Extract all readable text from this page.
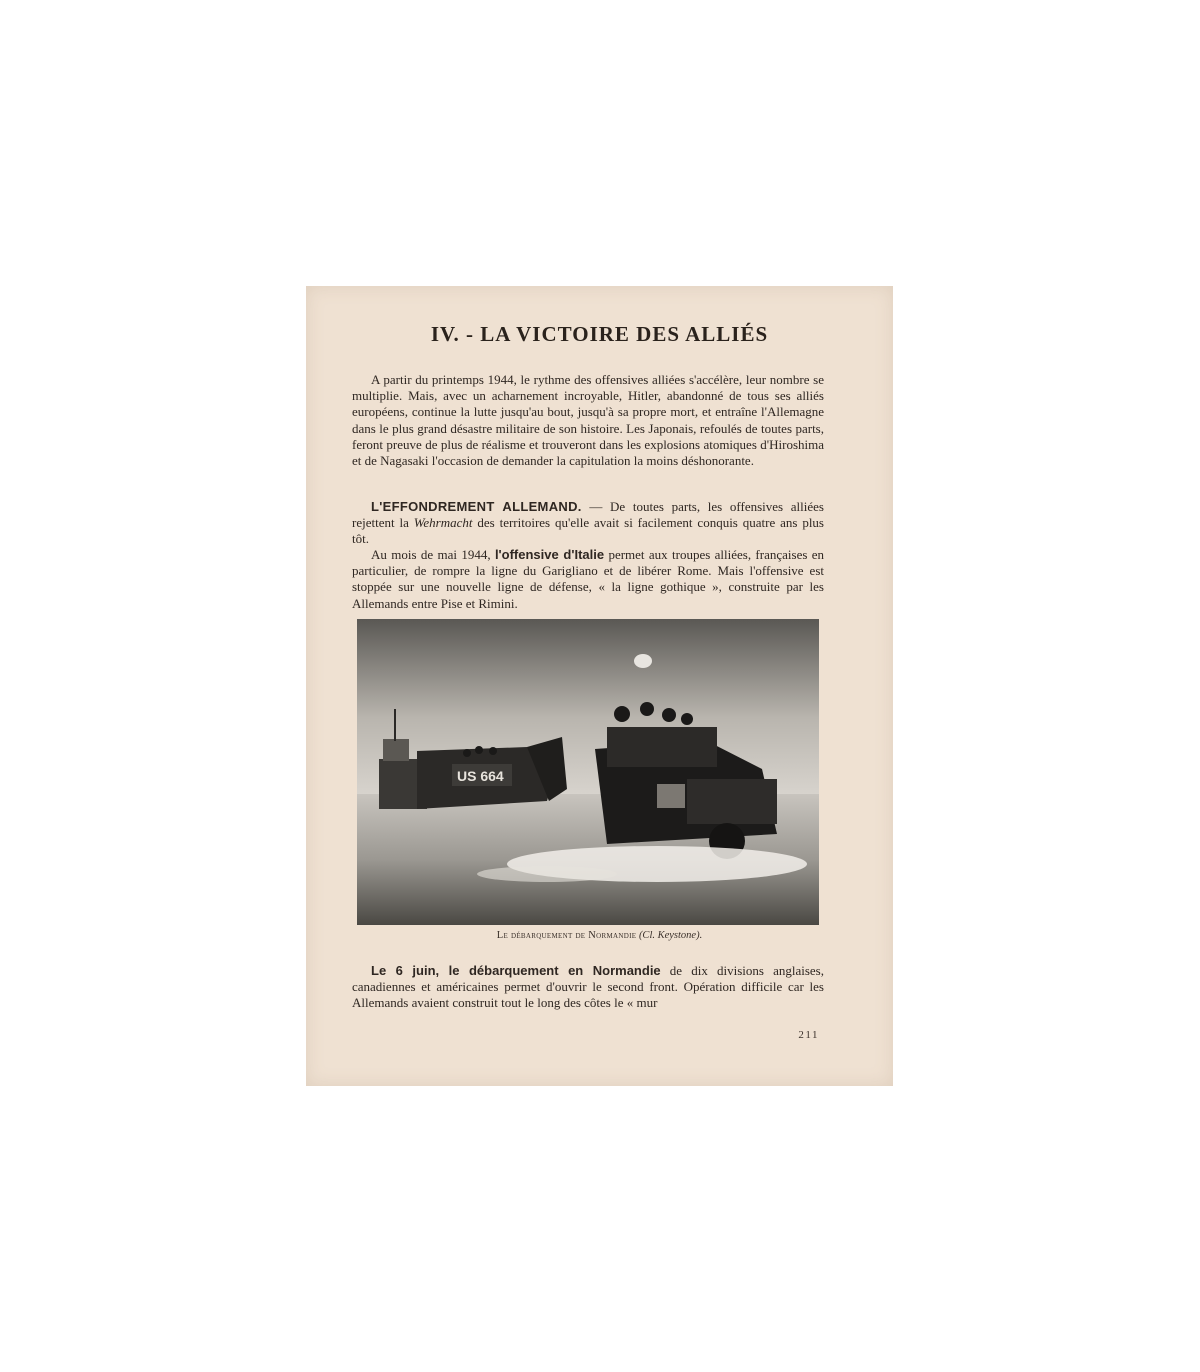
IV. - LA VICTOIRE DES ALLIÉS

A partir du printemps 1944, le rythme des offensives alliées s'accélère, leur nombre se multiplie. Mais, avec un acharnement incroyable, Hitler, abandonné de tous ses alliés européens, continue la lutte jusqu'au bout, jusqu'à sa propre mort, et entraîne l'Allemagne dans le plus grand désastre militaire de son histoire. Les Japonais, refoulés de toutes parts, feront preuve de plus de réalisme et trouveront dans les explosions atomiques d'Hiroshima et de Nagasaki l'occasion de demander la capitulation la moins déshonorante.

L'EFFONDREMENT ALLEMAND. — De toutes parts, les offensives alliées rejettent la Wehrmacht des territoires qu'elle avait si facilement conquis quatre ans plus tôt.

Au mois de mai 1944, l'offensive d'Italie permet aux troupes alliées, françaises en particulier, de rompre la ligne du Garigliano et de libérer Rome. Mais l'offensive est stoppée sur une nouvelle ligne de défense, « la ligne gothique », construite par les Allemands entre Pise et Rimini.

US 664

Le débarquement de Normandie (Cl. Keystone).

Le 6 juin, le débarquement en Normandie de dix divisions anglaises, canadiennes et américaines permet d'ouvrir le second front. Opération difficile car les Allemands avaient construit tout le long des côtes le « mur

211
